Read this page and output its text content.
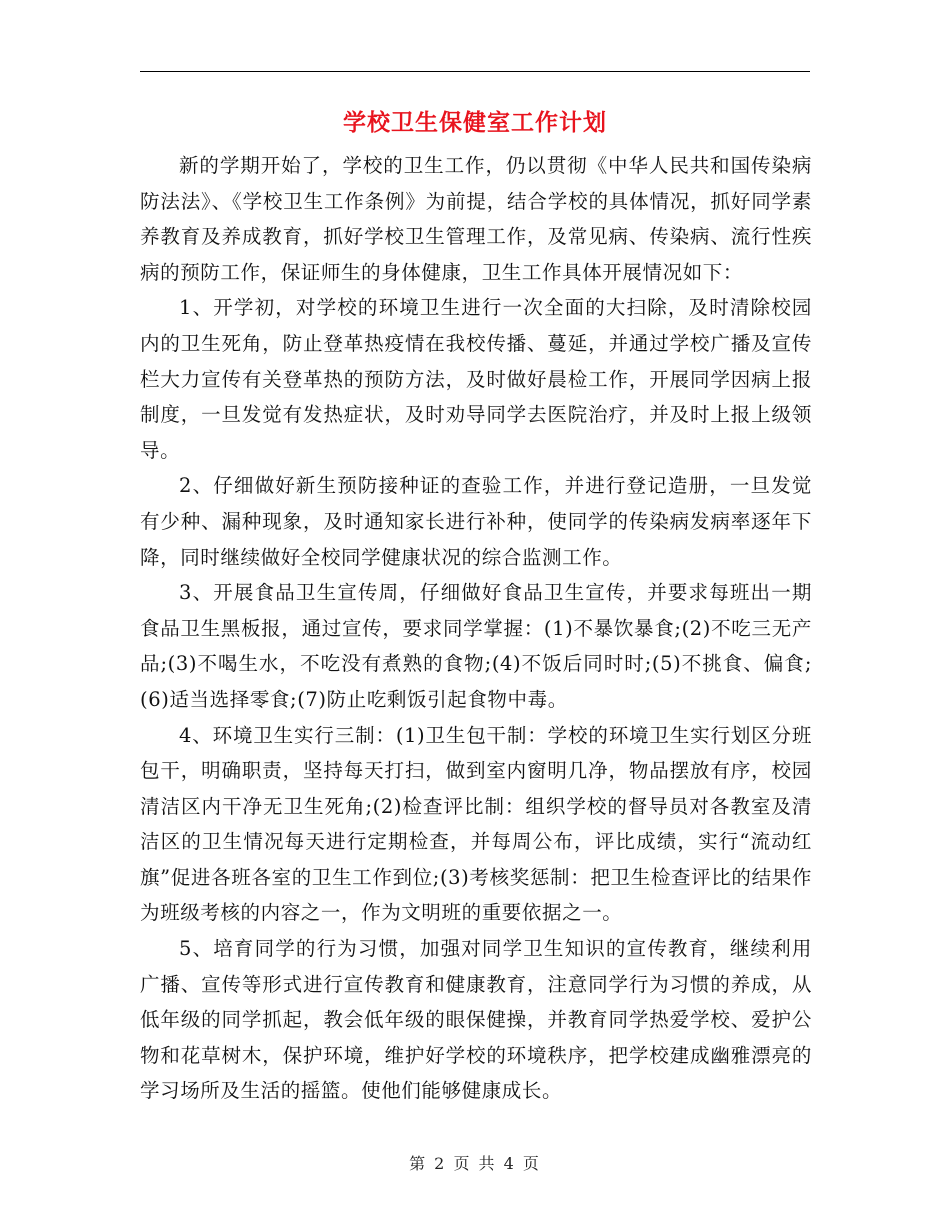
学校卫生保健室工作计划

新的学期开始了，学校的卫生工作，仍以贯彻《中华人民共和国传染病防法法》、《学校卫生工作条例》为前提，结合学校的具体情况，抓好同学素养教育及养成教育，抓好学校卫生管理工作，及常见病、传染病、流行性疾病的预防工作，保证师生的身体健康，卫生工作具体开展情况如下：

1、开学初，对学校的环境卫生进行一次全面的大扫除，及时清除校园内的卫生死角，防止登革热疫情在我校传播、蔓延，并通过学校广播及宣传栏大力宣传有关登革热的预防方法，及时做好晨检工作，开展同学因病上报制度，一旦发觉有发热症状，及时劝导同学去医院治疗，并及时上报上级领导。

2、仔细做好新生预防接种证的查验工作，并进行登记造册，一旦发觉有少种、漏种现象，及时通知家长进行补种，使同学的传染病发病率逐年下降，同时继续做好全校同学健康状况的综合监测工作。

3、开展食品卫生宣传周，仔细做好食品卫生宣传，并要求每班出一期食品卫生黑板报，通过宣传，要求同学掌握：(1)不暴饮暴食;(2)不吃三无产品;(3)不喝生水，不吃没有煮熟的食物;(4)不饭后同时时;(5)不挑食、偏食;(6)适当选择零食;(7)防止吃剩饭引起食物中毒。

4、环境卫生实行三制：(1)卫生包干制：学校的环境卫生实行划区分班包干，明确职责，坚持每天打扫，做到室内窗明几净，物品摆放有序，校园清洁区内干净无卫生死角;(2)检查评比制：组织学校的督导员对各教室及清洁区的卫生情况每天进行定期检查，并每周公布，评比成绩，实行“流动红旗”促进各班各室的卫生工作到位;(3)考核奖惩制：把卫生检查评比的结果作为班级考核的内容之一，作为文明班的重要依据之一。

5、培育同学的行为习惯，加强对同学卫生知识的宣传教育，继续利用广播、宣传等形式进行宣传教育和健康教育，注意同学行为习惯的养成，从低年级的同学抓起，教会低年级的眼保健操，并教育同学热爱学校、爱护公物和花草树木，保护环境，维护好学校的环境秩序，把学校建成幽雅漂亮的学习场所及生活的摇篮。使他们能够健康成长。

第 2 页 共 4 页
